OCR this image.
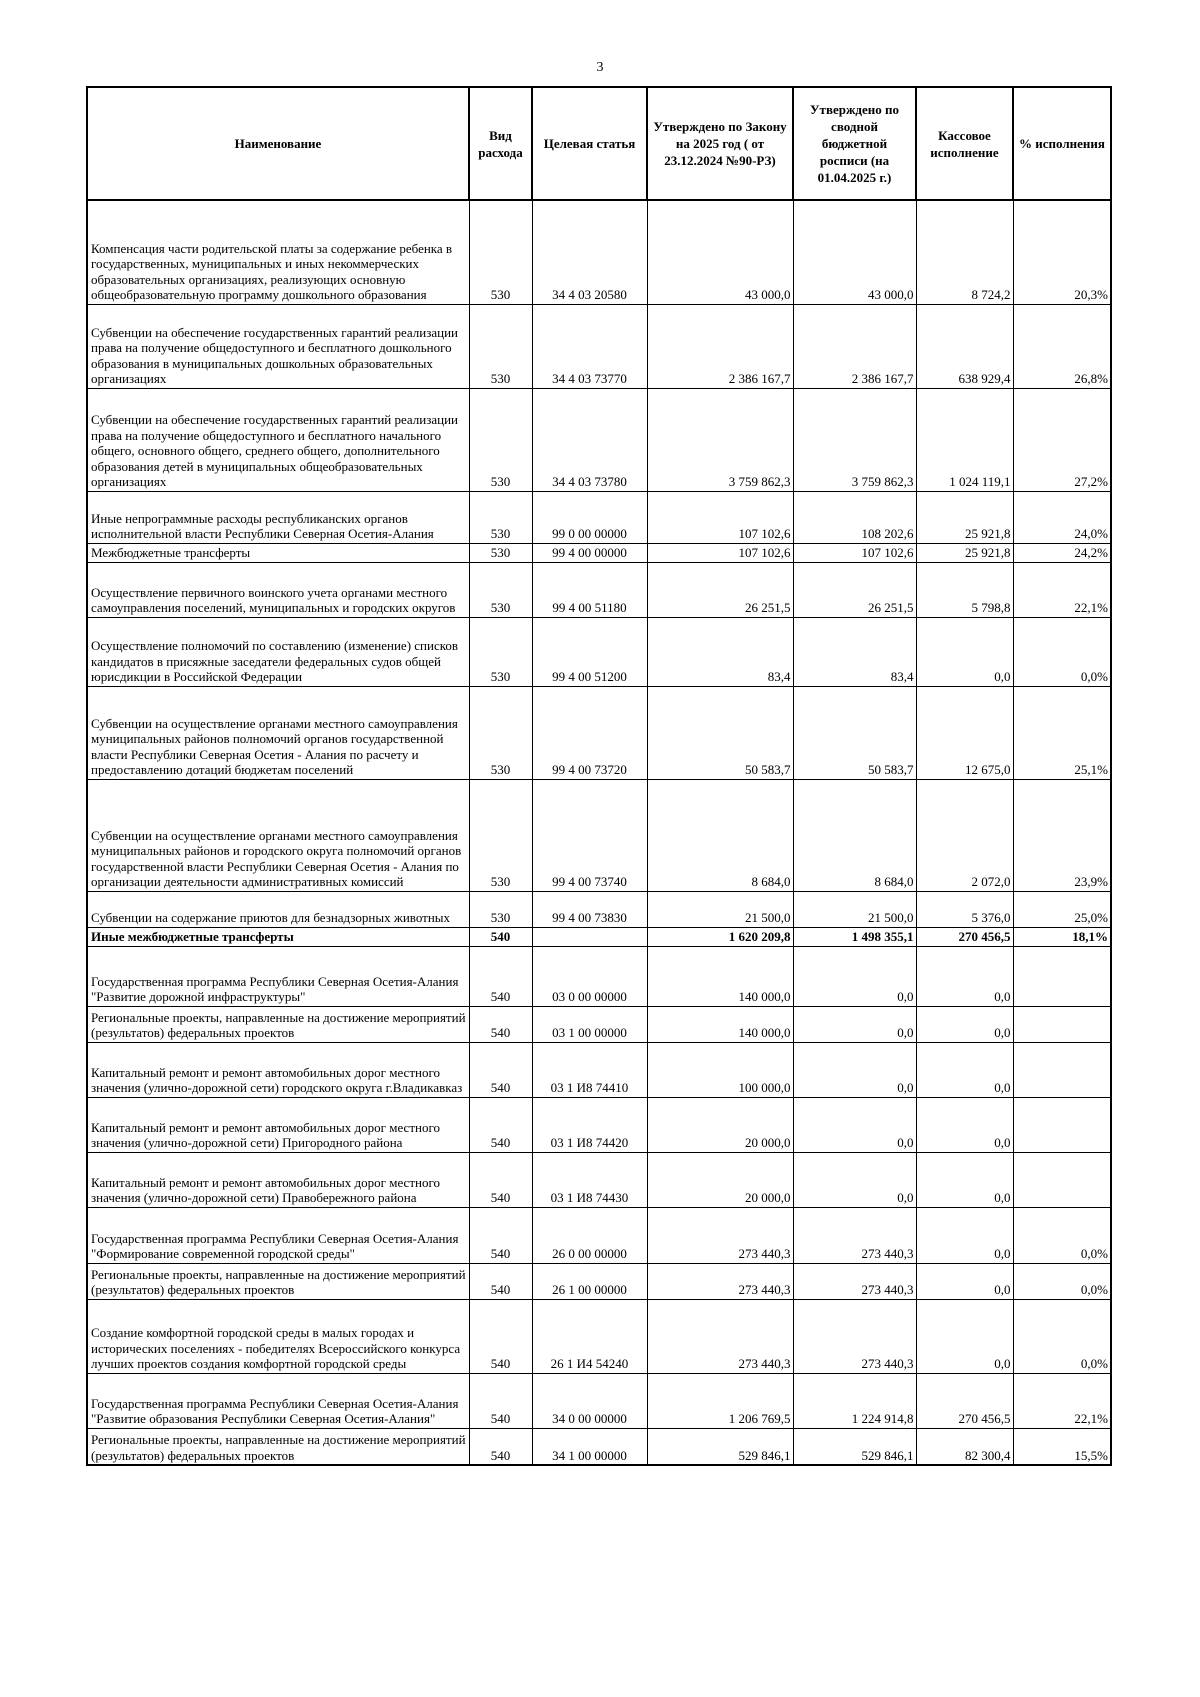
3
Наименование	Вид расхода	Целевая статья	Утверждено по Закону на 2025 год ( от 23.12.2024 №90-РЗ)	Утверждено по сводной бюджетной росписи (на 01.04.2025 г.)	Кассовое исполнение	% исполнения
Компенсация части родительской платы за содержание ребенка в государственных, муниципальных и иных некоммерческих образовательных организациях, реализующих основную общеобразовательную программу дошкольного образования	530	34 4 03 20580	43 000,0	43 000,0	8 724,2	20,3%
Субвенции на обеспечение государственных гарантий реализации права на получение общедоступного и бесплатного дошкольного образования в муниципальных дошкольных образовательных организациях	530	34 4 03 73770	2 386 167,7	2 386 167,7	638 929,4	26,8%
Субвенции на обеспечение государственных гарантий реализации права на получение общедоступного и бесплатного начального общего, основного общего, среднего общего, дополнительного образования детей в муниципальных общеобразовательных организациях	530	34 4 03 73780	3 759 862,3	3 759 862,3	1 024 119,1	27,2%
Иные непрограммные расходы республиканских органов исполнительной власти Республики Северная Осетия-Алания	530	99 0 00 00000	107 102,6	108 202,6	25 921,8	24,0%
Межбюджетные трансферты	530	99 4 00 00000	107 102,6	107 102,6	25 921,8	24,2%
Осуществление первичного воинского учета органами местного самоуправления поселений, муниципальных и городских округов	530	99 4 00 51180	26 251,5	26 251,5	5 798,8	22,1%
Осуществление полномочий по составлению (изменение) списков кандидатов в присяжные заседатели федеральных судов общей юрисдикции в Российской Федерации	530	99 4 00 51200	83,4	83,4	0,0	0,0%
Субвенции на осуществление органами местного самоуправления муниципальных районов полномочий органов государственной власти Республики Северная Осетия - Алания по расчету и предоставлению дотаций бюджетам поселений	530	99 4 00 73720	50 583,7	50 583,7	12 675,0	25,1%
Субвенции на осуществление органами местного самоуправления муниципальных районов и городского округа полномочий органов государственной власти Республики Северная Осетия - Алания по организации деятельности административных комиссий	530	99 4 00 73740	8 684,0	8 684,0	2 072,0	23,9%
Субвенции на содержание приютов для безнадзорных животных	530	99 4 00 73830	21 500,0	21 500,0	5 376,0	25,0%
Иные межбюджетные трансферты	540		1 620 209,8	1 498 355,1	270 456,5	18,1%
Государственная программа Республики Северная Осетия-Алания "Развитие дорожной инфраструктуры"	540	03 0 00 00000	140 000,0	0,0	0,0	
Региональные проекты, направленные на достижение мероприятий (результатов) федеральных проектов	540	03 1 00 00000	140 000,0	0,0	0,0	
Капитальный ремонт и ремонт автомобильных дорог местного значения (улично-дорожной сети) городского округа г.Владикавказ	540	03 1 И8 74410	100 000,0	0,0	0,0	
Капитальный ремонт и ремонт автомобильных дорог местного значения (улично-дорожной сети) Пригородного района	540	03 1 И8 74420	20 000,0	0,0	0,0	
Капитальный ремонт и ремонт автомобильных дорог местного значения (улично-дорожной сети) Правобережного района	540	03 1 И8 74430	20 000,0	0,0	0,0	
Государственная программа Республики Северная Осетия-Алания "Формирование современной городской среды"	540	26 0 00 00000	273 440,3	273 440,3	0,0	0,0%
Региональные проекты, направленные на достижение мероприятий (результатов) федеральных проектов	540	26 1 00 00000	273 440,3	273 440,3	0,0	0,0%
Создание комфортной городской среды в малых городах и исторических поселениях - победителях Всероссийского конкурса лучших проектов создания комфортной городской среды	540	26 1 И4 54240	273 440,3	273 440,3	0,0	0,0%
Государственная программа Республики Северная Осетия-Алания "Развитие образования Республики Северная Осетия-Алания"	540	34 0 00 00000	1 206 769,5	1 224 914,8	270 456,5	22,1%
Региональные проекты, направленные на достижение мероприятий (результатов) федеральных проектов	540	34 1 00 00000	529 846,1	529 846,1	82 300,4	15,5%
